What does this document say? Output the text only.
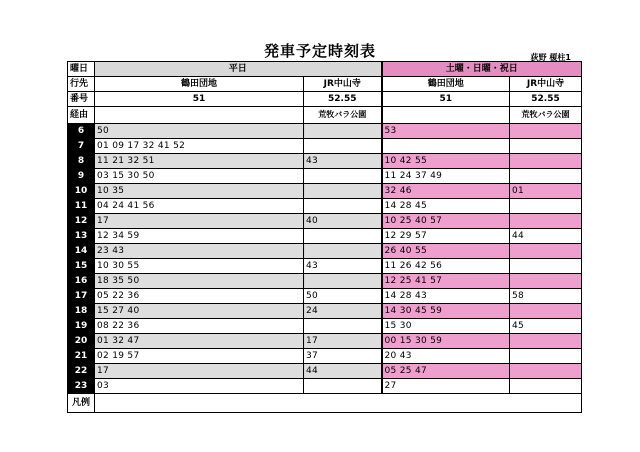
発車予定時刻表	荻野 榎柱1
曜日	平日		土曜・日曜・祝日	
行先	鶴田団地	JR中山寺	鶴田団地	JR中山寺
番号	51	52.55	51	52.55
経由		荒牧バラ公園		荒牧バラ公園
6	50		53	
7	01 09 17 32 41 52			
8	11 21 32 51	43	10 42 55	
9	03 15 30 50		11 24 37 49	
10	10 35		32 46	01
11	04 24 41 56		14 28 45	
12	17	40	10 25 40 57	
13	12 34 59		12 29 57	44
14	23 43		26 40 55	
15	10 30 55	43	11 26 42 56	
16	18 35 50		12 25 41 57	
17	05 22 36	50	14 28 43	58
18	15 27 40	24	14 30 45 59	
19	08 22 36		15 30	45
20	01 32 47	17	00 15 30 59	
21	02 19 57	37	20 43	
22	17	44	05 25 47	
23	03		27	
凡例				
